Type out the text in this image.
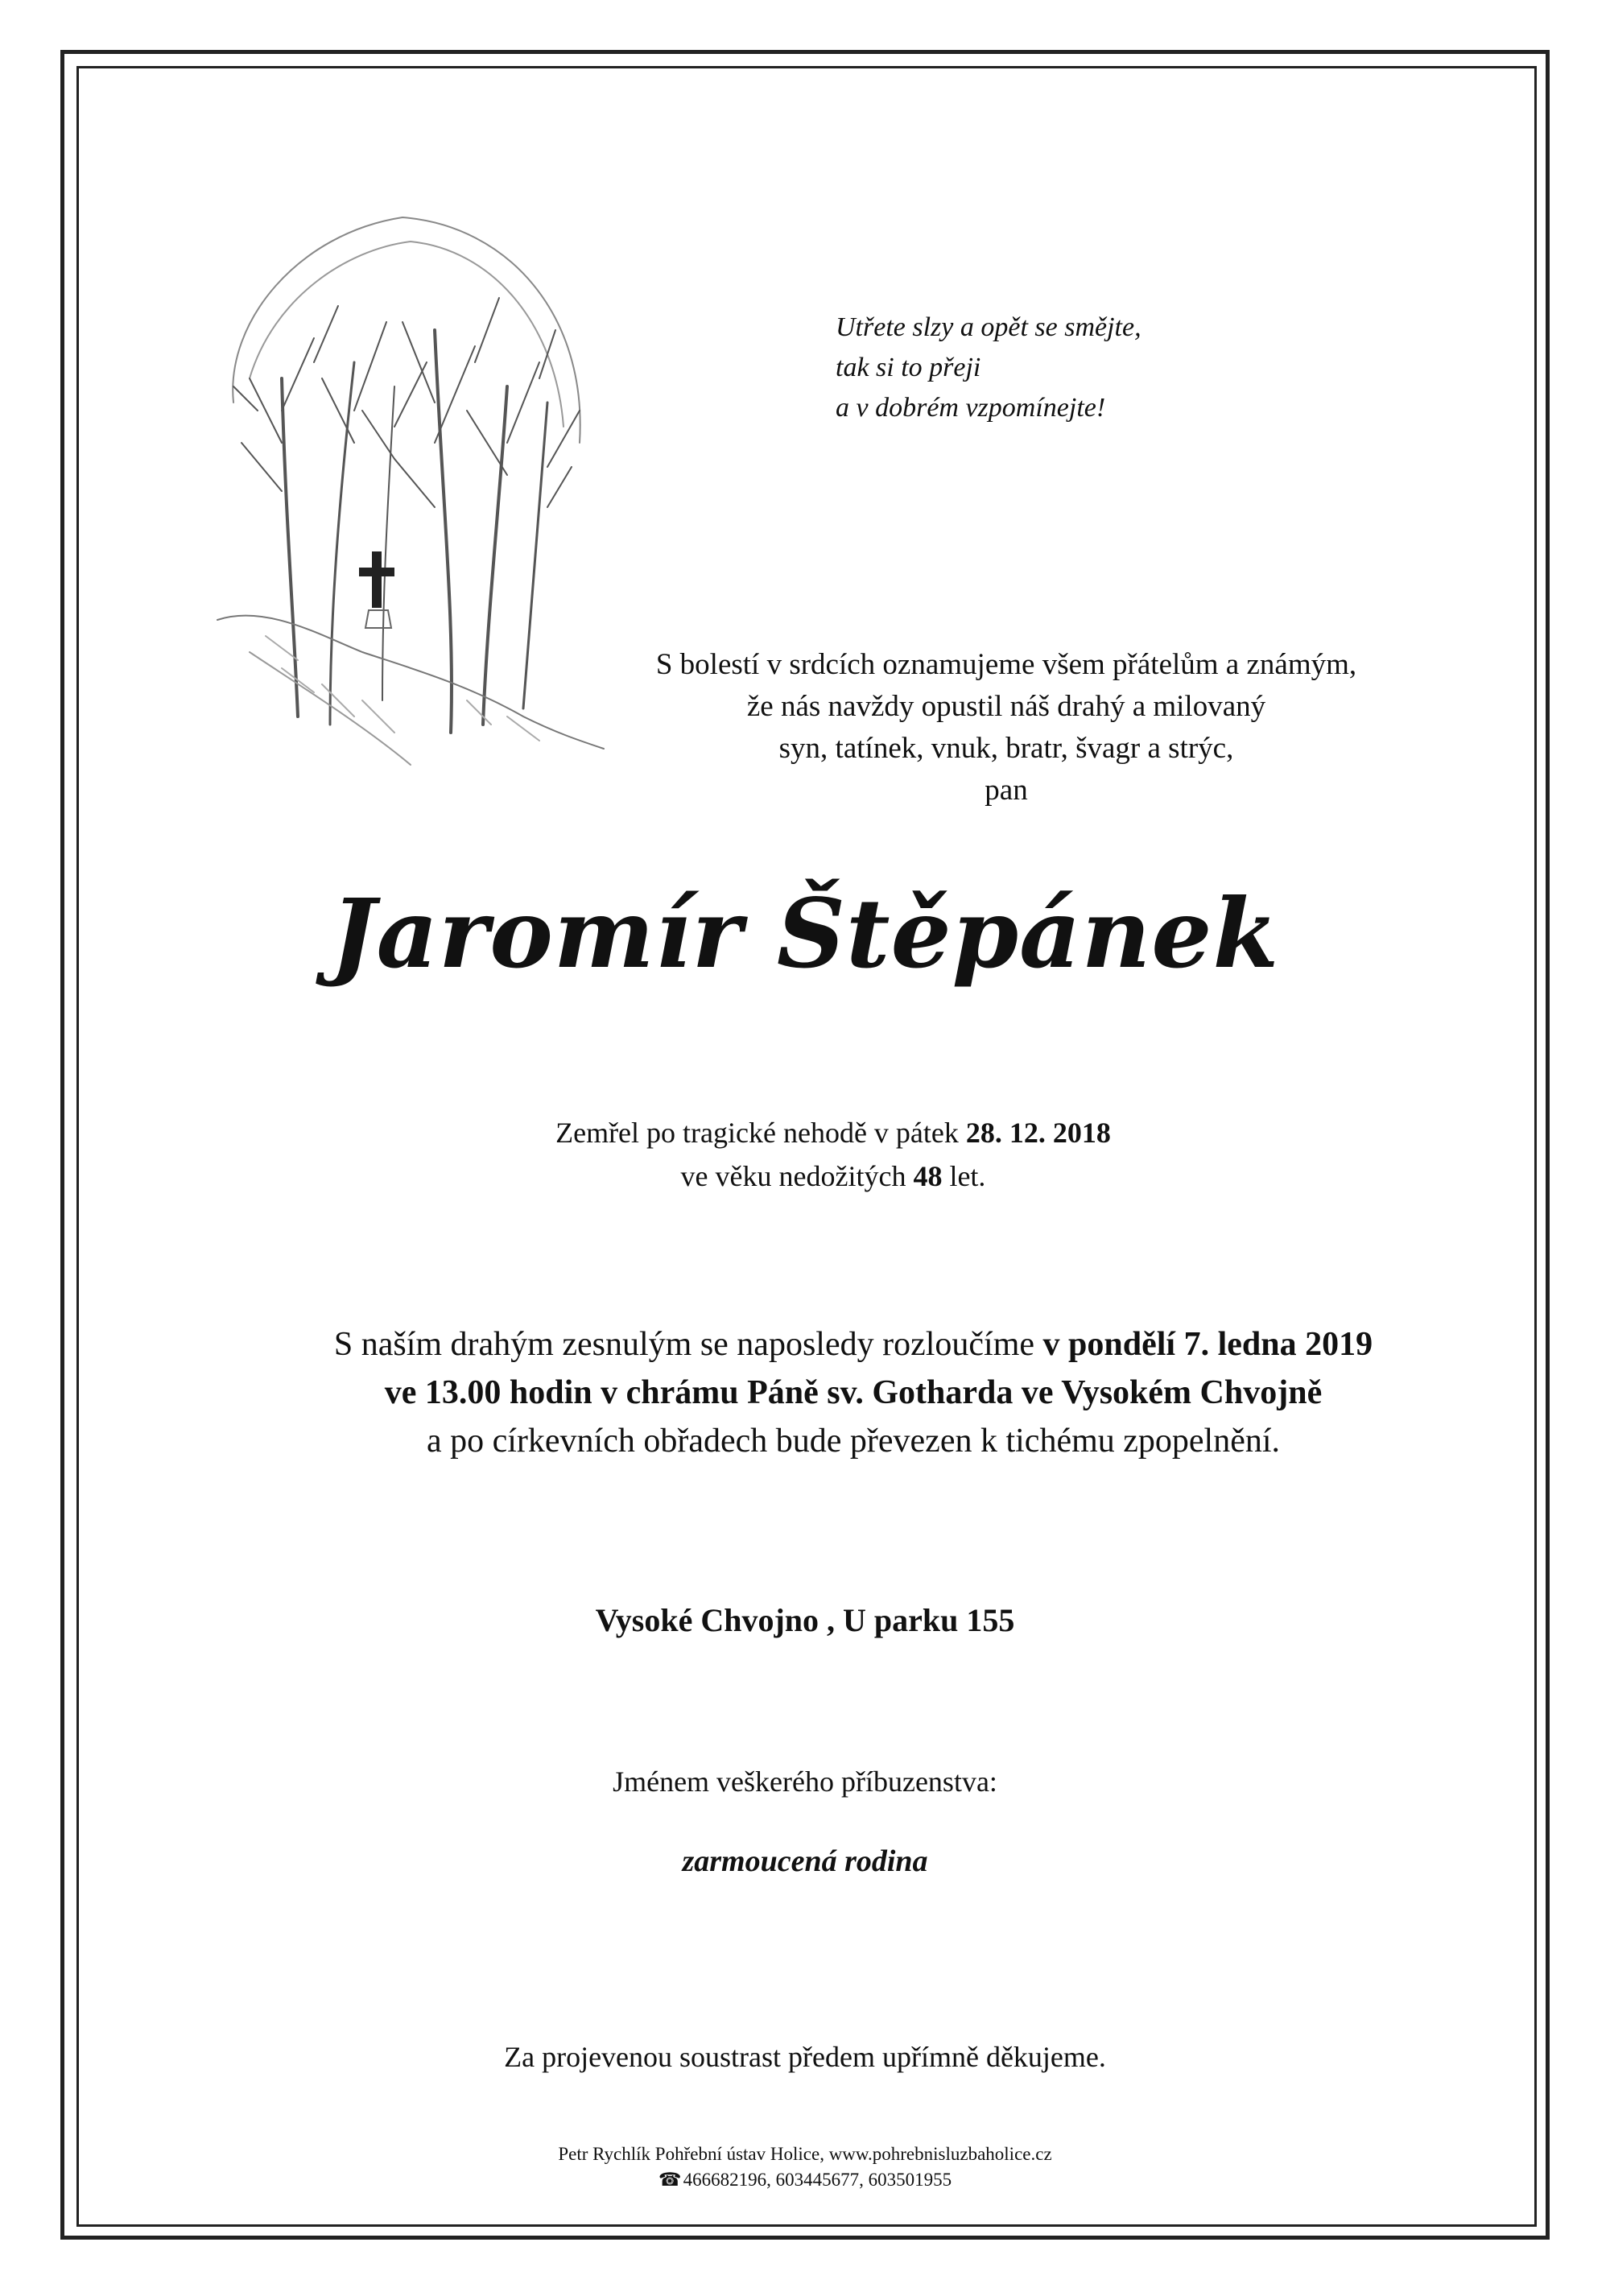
Utřete slzy a opět se smějte,
tak si to přeji
a v dobrém vzpomínejte!
S bolestí v srdcích oznamujeme všem přátelům a známým,
že nás navždy opustil náš drahý a milovaný
syn, tatínek, vnuk, bratr, švagr a strýc,
pan
Jaromír Štěpánek
Zemřel po tragické nehodě v pátek 28. 12. 2018
ve věku nedožitých 48 let.
S naším drahým zesnulým se naposledy rozloučíme v pondělí 7. ledna 2019
ve 13.00 hodin v chrámu Páně sv. Gotharda ve Vysokém Chvojně
a po církevních obřadech bude převezen k tichému zpopelnění.
Vysoké Chvojno , U parku 155
Jménem veškerého příbuzenstva:
zarmoucená rodina
Za projevenou soustrast předem upřímně děkujeme.
Petr Rychlík Pohřební ústav Holice, www.pohrebnisluzbaholice.cz
☎466682196, 603445677, 603501955
